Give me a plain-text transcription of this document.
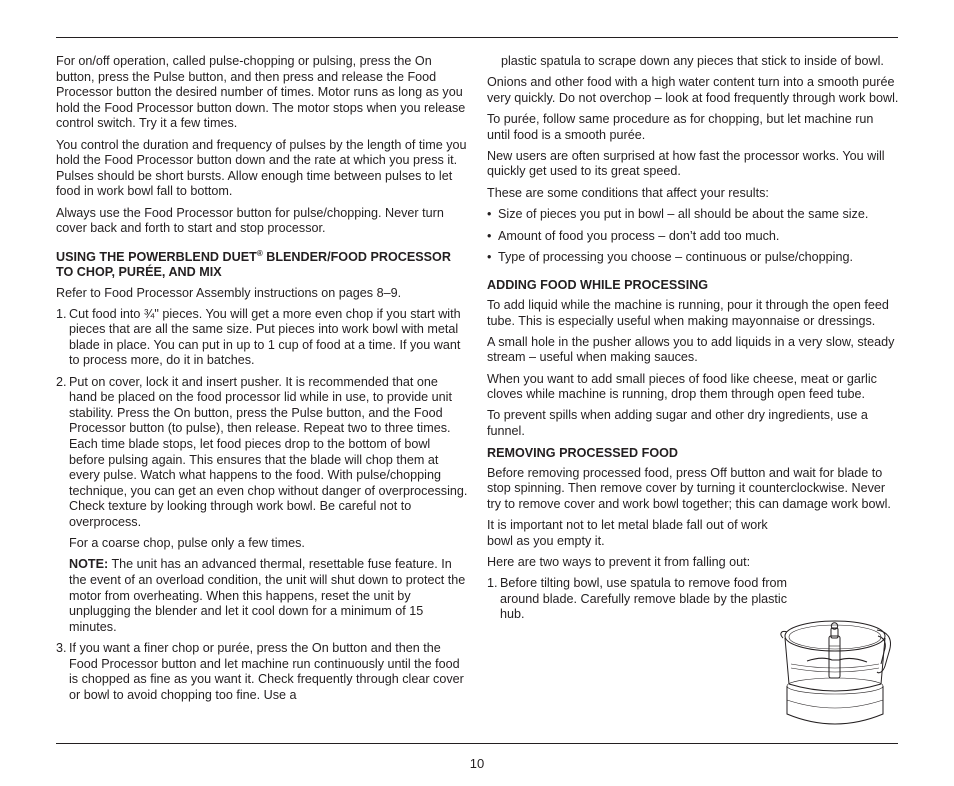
For on/off operation, called pulse-chopping or pulsing, press the On button, press the Pulse button, and then press and release the Food Processor button the desired number of times. Motor runs as long as you hold the Food Processor button down. The motor stops when you release control switch. Try it a few times.

You control the duration and frequency of pulses by the length of time you hold the Food Processor button down and the rate at which you press it. Pulses should be short bursts. Allow enough time between pulses to let food in work bowl fall to bottom.

Always use the Food Processor button for pulse/chopping. Never turn cover back and forth to start and stop processor.

USING THE POWERBLEND DUET® BLENDER/FOOD PROCESSOR TO CHOP, PURÉE, AND MIX

Refer to Food Processor Assembly instructions on pages 8–9.

1. Cut food into ¾" pieces. You will get a more even chop if you start with pieces that are all the same size. Put pieces into work bowl with metal blade in place. You can put in up to 1 cup of food at a time. If you want to process more, do it in batches.
2. Put on cover, lock it and insert pusher. It is recommended that one hand be placed on the food processor lid while in use, to provide unit stability. Press the On button, press the Pulse button, and the Food Processor button (to pulse), then release. Repeat two to three times. Each time blade stops, let food pieces drop to the bottom of bowl before pulsing again. This ensures that the blade will chop them at every pulse. Watch what happens to the food. With pulse/chopping technique, you can get an even chop without danger of overprocessing. Check texture by looking through work bowl. Be careful not to overprocess.
For a coarse chop, pulse only a few times.
NOTE: The unit has an advanced thermal, resettable fuse feature. In the event of an overload condition, the unit will shut down to protect the motor from overheating. When this happens, reset the unit by unplugging the blender and let it cool down for a minimum of 15 minutes.
3. If you want a finer chop or purée, press the On button and then the Food Processor button and let machine run continuously until the food is chopped as fine as you want it. Check frequently through clear cover or bowl to avoid chopping too fine. Use a

plastic spatula to scrape down any pieces that stick to inside of bowl.

Onions and other food with a high water content turn into a smooth purée very quickly. Do not overchop – look at food frequently through work bowl.

To purée, follow same procedure as for chopping, but let machine run until food is a smooth purée.

New users are often surprised at how fast the processor works. You will quickly get used to its great speed.

These are some conditions that affect your results:

• Size of pieces you put in bowl – all should be about the same size.
• Amount of food you process – don’t add too much.
• Type of processing you choose – continuous or pulse/chopping.
ADDING FOOD WHILE PROCESSING

To add liquid while the machine is running, pour it through the open feed tube. This is especially useful when making mayonnaise or dressings.

A small hole in the pusher allows you to add liquids in a very slow, steady stream – useful when making sauces.

When you want to add small pieces of food like cheese, meat or garlic cloves while machine is running, drop them through open feed tube.

To prevent spills when adding sugar and other dry ingredients, use a funnel.

REMOVING PROCESSED FOOD

Before removing processed food, press Off button and wait for blade to stop spinning. Then remove cover by turning it counterclockwise. Never try to remove cover and work bowl together; this can damage work bowl.

It is important not to let metal blade fall out of work bowl as you empty it.

Here are two ways to prevent it from falling out:

1. Before tilting bowl, use spatula to remove food from around blade. Carefully remove blade by the plastic hub.
10
